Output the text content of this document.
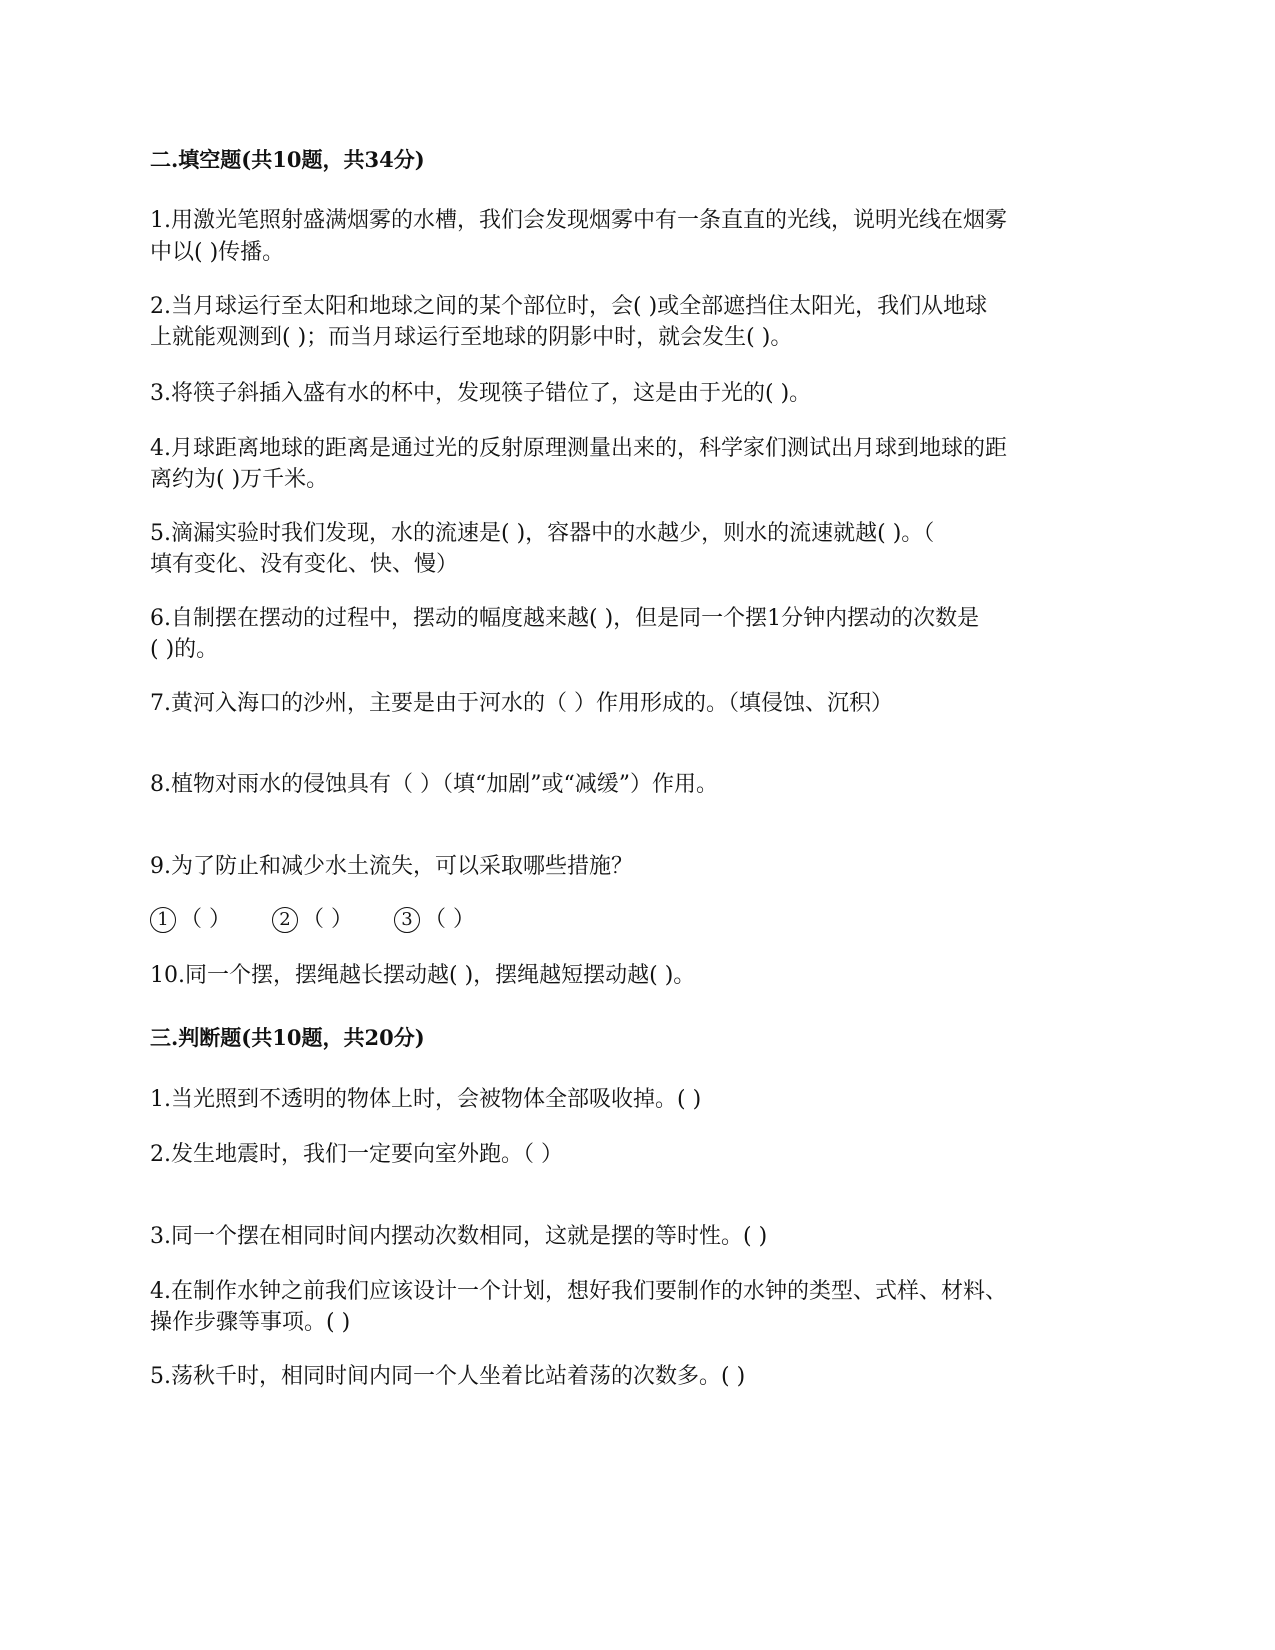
二.填空题(共10题，共34分)
1.用激光笔照射盛满烟雾的水槽，我们会发现烟雾中有一条直直的光线，说明光线在烟雾
中以( )传播。
2.当月球运行至太阳和地球之间的某个部位时，会( )或全部遮挡住太阳光，我们从地球
上就能观测到( )；而当月球运行至地球的阴影中时，就会发生( )。
3.将筷子斜插入盛有水的杯中，发现筷子错位了，这是由于光的( )。
4.月球距离地球的距离是通过光的反射原理测量出来的，科学家们测试出月球到地球的距
离约为( )万千米。
5.滴漏实验时我们发现，水的流速是( )，容器中的水越少，则水的流速就越( )。（
填有变化、没有变化、快、慢）
6.自制摆在摆动的过程中，摆动的幅度越来越( )，但是同一个摆1分钟内摆动的次数是
( )的。
7.黄河入海口的沙州，主要是由于河水的（ ）作用形成的。（填侵蚀、沉积）
8.植物对雨水的侵蚀具有（ ）（填“加剧”或“减缓”）作用。
9.为了防止和减少水土流失，可以采取哪些措施？
1 （ ）	2 （ ）	3 （ ）
10.同一个摆，摆绳越长摆动越( )，摆绳越短摆动越( )。
三.判断题(共10题，共20分)
1.当光照到不透明的物体上时，会被物体全部吸收掉。( )
2.发生地震时，我们一定要向室外跑。（ ）
3.同一个摆在相同时间内摆动次数相同，这就是摆的等时性。( )
4.在制作水钟之前我们应该设计一个计划，想好我们要制作的水钟的类型、式样、材料、
操作步骤等事项。( )
5.荡秋千时，相同时间内同一个人坐着比站着荡的次数多。( )
